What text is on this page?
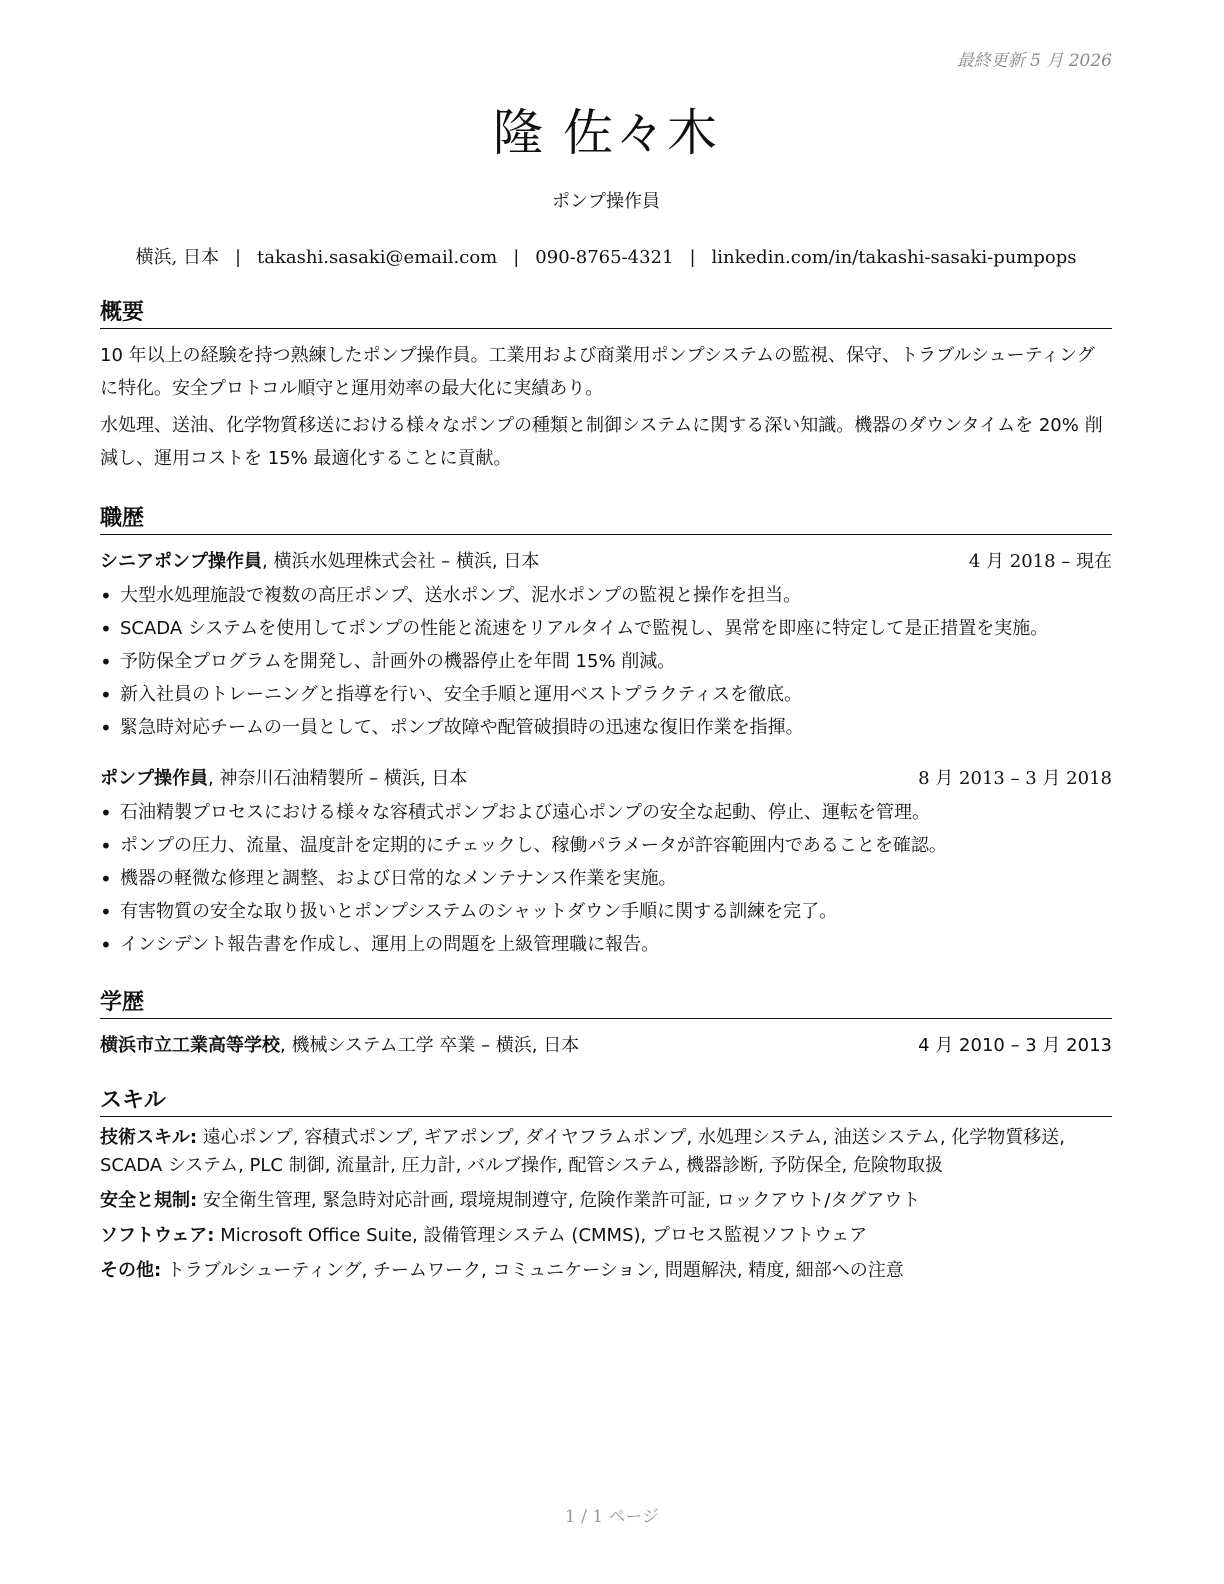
最終更新 5 月 2026
隆 佐々木
ポンプ操作員
横浜, 日本 | takashi.sasaki@email.com | 090-8765-4321 | linkedin.com/in/takashi-sasaki-pumpops
概要
10 年以上の経験を持つ熟練したポンプ操作員。工業用および商業用ポンプシステムの監視、保守、トラブルシューティングに特化。安全プロトコル順守と運用効率の最大化に実績あり。
水処理、送油、化学物質移送における様々なポンプの種類と制御システムに関する深い知識。機器のダウンタイムを 20% 削減し、運用コストを 15% 最適化することに貢献。
職歴
シニアポンプ操作員, 横浜水処理株式会社 – 横浜, 日本	4 月 2018 – 現在
• 大型水処理施設で複数の高圧ポンプ、送水ポンプ、泥水ポンプの監視と操作を担当。
• SCADA システムを使用してポンプの性能と流速をリアルタイムで監視し、異常を即座に特定して是正措置を実施。
• 予防保全プログラムを開発し、計画外の機器停止を年間 15% 削減。
• 新入社員のトレーニングと指導を行い、安全手順と運用ベストプラクティスを徹底。
• 緊急時対応チームの一員として、ポンプ故障や配管破損時の迅速な復旧作業を指揮。
ポンプ操作員, 神奈川石油精製所 – 横浜, 日本	8 月 2013 – 3 月 2018
• 石油精製プロセスにおける様々な容積式ポンプおよび遠心ポンプの安全な起動、停止、運転を管理。
• ポンプの圧力、流量、温度計を定期的にチェックし、稼働パラメータが許容範囲内であることを確認。
• 機器の軽微な修理と調整、および日常的なメンテナンス作業を実施。
• 有害物質の安全な取り扱いとポンプシステムのシャットダウン手順に関する訓練を完了。
• インシデント報告書を作成し、運用上の問題を上級管理職に報告。
学歴
横浜市立工業高等学校, 機械システム工学 卒業 – 横浜, 日本	4 月 2010 – 3 月 2013
スキル
技術スキル: 遠心ポンプ, 容積式ポンプ, ギアポンプ, ダイヤフラムポンプ, 水処理システム, 油送システム, 化学物質移送, SCADA システム, PLC 制御, 流量計, 圧力計, バルブ操作, 配管システム, 機器診断, 予防保全, 危険物取扱
安全と規制: 安全衛生管理, 緊急時対応計画, 環境規制遵守, 危険作業許可証, ロックアウト/タグアウト
ソフトウェア: Microsoft Office Suite, 設備管理システム (CMMS), プロセス監視ソフトウェア
その他: トラブルシューティング, チームワーク, コミュニケーション, 問題解決, 精度, 細部への注意
1 / 1 ページ
